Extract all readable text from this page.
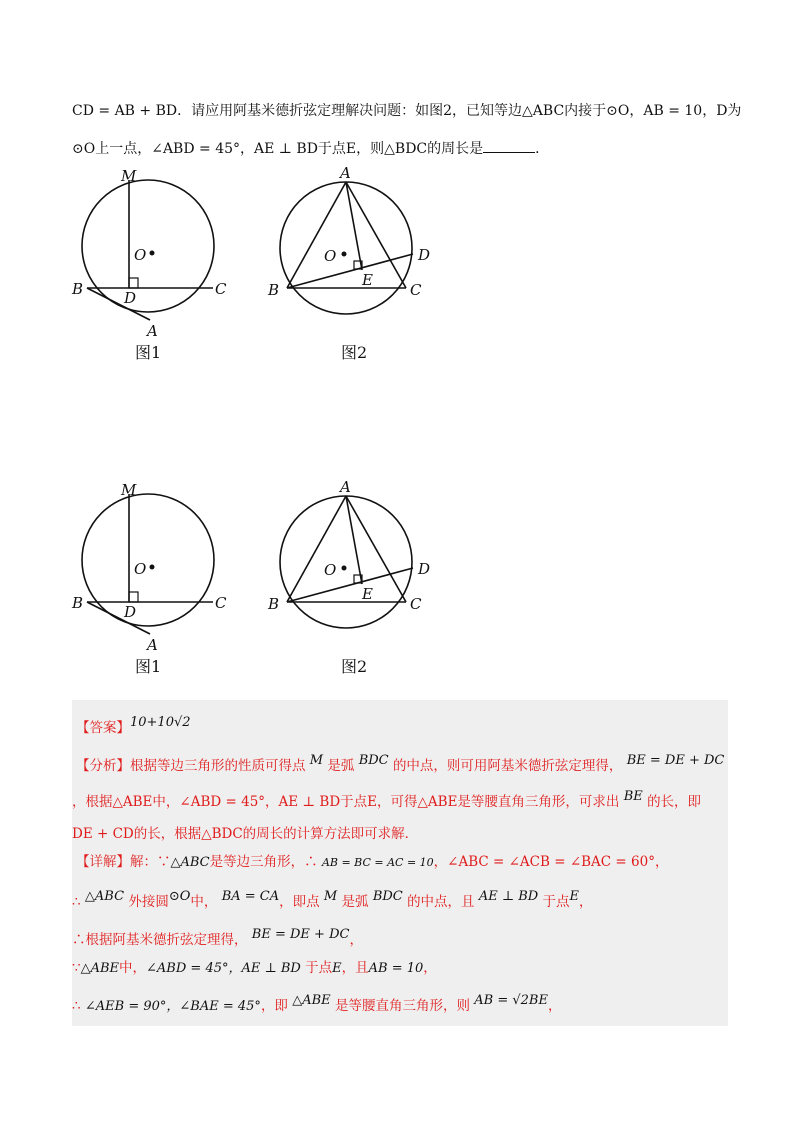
CD = AB + BD．请应用阿基米德折弦定理解决问题：如图2，已知等边△ABC内接于⊙O，AB = 10，D为
⊙O上一点，∠ABD = 45°，AE ⊥ BD于点E，则△BDC的周长是	．
M
O
B	C
D
A
图1
A
O	D
E
B	C
图2
M
O
B	C
D
A
图1
A
O	D
E
B	C
图2
【答案】10+10√2
【分析】根据等边三角形的性质可得点 M 是弧 BDC 的中点，则可用阿基米德折弦定理得， BE = DE + DC
，根据△ABE中，∠ABD = 45°，AE ⊥ BD于点E，可得△ABE是等腰直角三角形，可求出 BE 的长，即
DE + CD的长，根据△BDC的周长的计算方法即可求解．
【详解】解：∵△ABC是等边三角形，∴ AB = BC = AC = 10，∠ABC = ∠ACB = ∠BAC = 60°，
∴ △ABC 外接圆⊙O中， BA = CA，即点 M 是弧 BDC 的中点，且 AE ⊥ BD 于点E，
∴根据阿基米德折弦定理得， BE = DE + DC，
∵△ABE中，∠ABD = 45°，AE ⊥ BD 于点E，且AB = 10，
∴ ∠AEB = 90°，∠BAE = 45°，即 △ABE 是等腰直角三角形，则 AB = √2BE，
